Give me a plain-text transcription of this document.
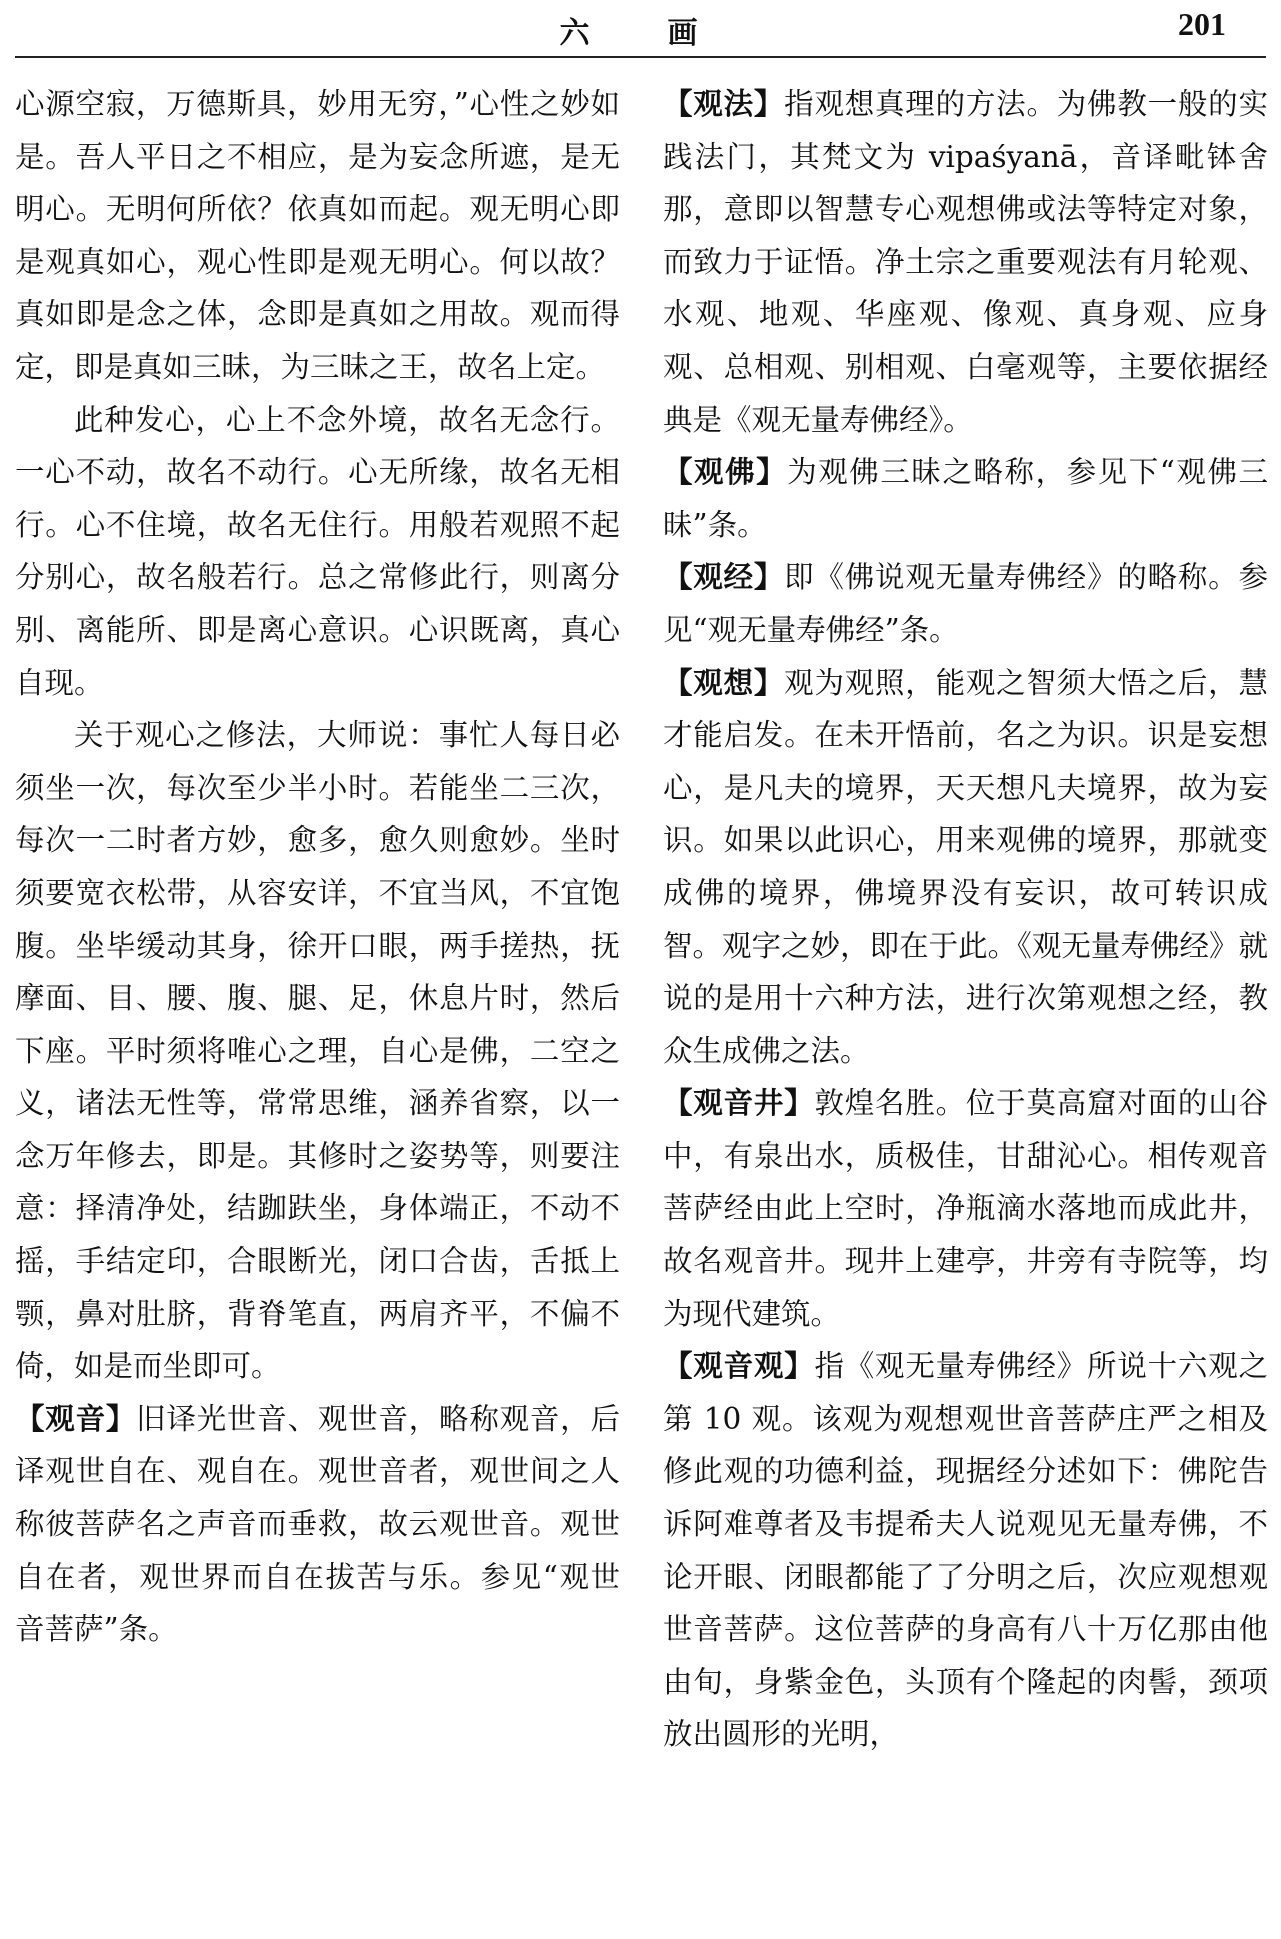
六　画	201

心源空寂，万德斯具，妙用无穷，”心性之妙如是。吾人平日之不相应，是为妄念所遮，是无明心。无明何所依？依真如而起。观无明心即是观真如心，观心性即是观无明心。何以故？真如即是念之体，念即是真如之用故。观而得定，即是真如三昧，为三昧之王，故名上定。

此种发心，心上不念外境，故名无念行。一心不动，故名不动行。心无所缘，故名无相行。心不住境，故名无住行。用般若观照不起分别心，故名般若行。总之常修此行，则离分别、离能所、即是离心意识。心识既离，真心自现。

关于观心之修法，大师说：事忙人每日必须坐一次，每次至少半小时。若能坐二三次，每次一二时者方妙，愈多，愈久则愈妙。坐时须要宽衣松带，从容安详，不宜当风，不宜饱腹。坐毕缓动其身，徐开口眼，两手搓热，抚摩面、目、腰、腹、腿、足，休息片时，然后下座。平时须将唯心之理，自心是佛，二空之义，诸法无性等，常常思维，涵养省察，以一念万年修去，即是。其修时之姿势等，则要注意：择清净处，结跏趺坐，身体端正，不动不摇，手结定印，合眼断光，闭口合齿，舌抵上颚，鼻对肚脐，背脊笔直，两肩齐平，不偏不倚，如是而坐即可。

【观音】旧译光世音、观世音，略称观音，后译观世自在、观自在。观世音者，观世间之人称彼菩萨名之声音而垂救，故云观世音。观世自在者，观世界而自在拔苦与乐。参见“观世音菩萨”条。

【观法】指观想真理的方法。为佛教一般的实践法门，其梵文为 vipaśyanā，音译毗钵舍那，意即以智慧专心观想佛或法等特定对象，而致力于证悟。净土宗之重要观法有月轮观、水观、地观、华座观、像观、真身观、应身观、总相观、别相观、白毫观等，主要依据经典是《观无量寿佛经》。

【观佛】为观佛三昧之略称，参见下“观佛三昧”条。

【观经】即《佛说观无量寿佛经》的略称。参见“观无量寿佛经”条。

【观想】观为观照，能观之智须大悟之后，慧才能启发。在未开悟前，名之为识。识是妄想心，是凡夫的境界，天天想凡夫境界，故为妄识。如果以此识心，用来观佛的境界，那就变成佛的境界，佛境界没有妄识，故可转识成智。观字之妙，即在于此。《观无量寿佛经》就说的是用十六种方法，进行次第观想之经，教众生成佛之法。

【观音井】敦煌名胜。位于莫高窟对面的山谷中，有泉出水，质极佳，甘甜沁心。相传观音菩萨经由此上空时，净瓶滴水落地而成此井，故名观音井。现井上建亭，井旁有寺院等，均为现代建筑。

【观音观】指《观无量寿佛经》所说十六观之第 10 观。该观为观想观世音菩萨庄严之相及修此观的功德利益，现据经分述如下：佛陀告诉阿难尊者及韦提希夫人说观见无量寿佛，不论开眼、闭眼都能了了分明之后，次应观想观世音菩萨。这位菩萨的身高有八十万亿那由他由旬，身紫金色，头顶有个隆起的肉髻，颈项放出圆形的光明，
